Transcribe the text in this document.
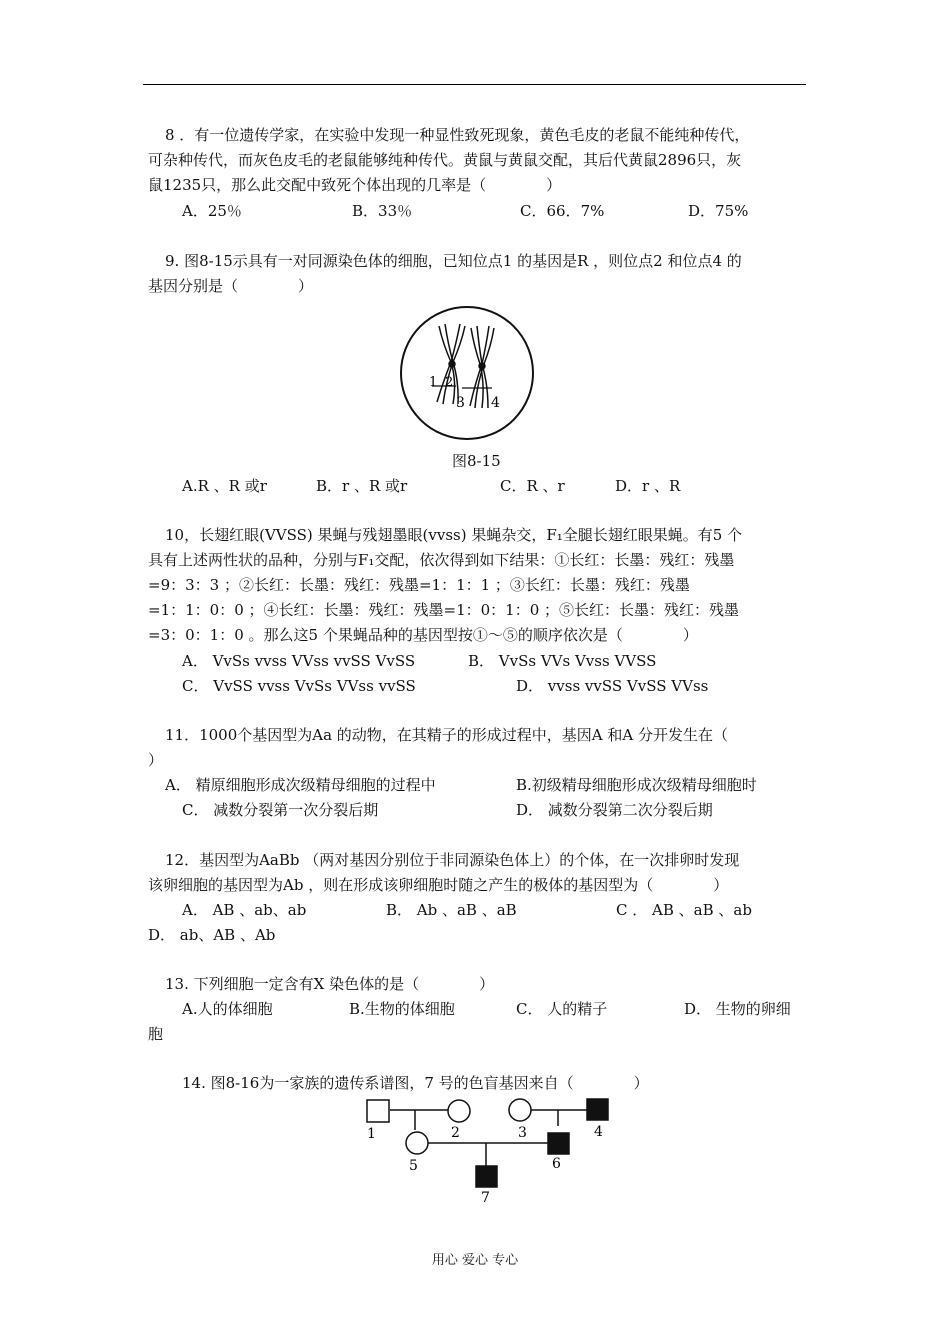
8 ．有一位遗传学家，在实验中发现一种显性致死现象，黄色毛皮的老鼠不能纯种传代，
可杂种传代，而灰色皮毛的老鼠能够纯种传代。黄鼠与黄鼠交配，其后代黄鼠2896只，灰
鼠1235只，那么此交配中致死个体出现的几率是（　　　　）
A．25％	B．33％	C．66．7%	D．75%
9. 图8-15示具有一对同源染色体的细胞，已知位点1 的基因是R ，则位点2 和位点4 的
基因分别是（　　　　）
1 2
3 4
图8-15
A.R 、R 或r	B．r 、R 或r	C．R 、r	D．r 、R
10，长翅红眼(VVSS) 果蝇与残翅墨眼(vvss) 果蝇杂交，F₁全腿长翅红眼果蝇。有5 个
具有上述两性状的品种，分别与F₁交配，依次得到如下结果：①长红：长墨：残红：残墨
=9：3：3 ；②长红：长墨：残红：残墨=1：1：1 ；③长红：长墨：残红：残墨
=1：1：0：0 ；④长红：长墨：残红：残墨=1：0：1：0 ；⑤长红：长墨：残红：残墨
=3：0：1：0 。那么这5 个果蝇品种的基因型按①～⑤的顺序依次是（　　　　）
A． VvSs vvss VVss vvSS VvSS	B． VvSs VVs Vvss VVSS
C． VvSS vvss VvSs VVss vvSS	D． vvss vvSS VvSS VVss
11．1000个基因型为Aa 的动物，在其精子的形成过程中，基因A 和A 分开发生在（
）
A． 精原细胞形成次级精母细胞的过程中	B.初级精母细胞形成次级精母细胞时
C． 减数分裂第一次分裂后期	D． 减数分裂第二次分裂后期
12．基因型为AaBb （两对基因分别位于非同源染色体上）的个体，在一次排卵时发现
该卵细胞的基因型为Ab ，则在形成该卵细胞时随之产生的极体的基因型为（　　　　）
A． AB 、ab、ab	B． Ab 、aB 、aB	C ． AB 、aB 、ab
D． ab、AB 、Ab
13. 下列细胞一定含有X 染色体的是（　　　　）
A.人的体细胞	B.生物的体细胞	C． 人的精子	D． 生物的卵细
胞
14. 图8-16为一家族的遗传系谱图，7 号的色盲基因来自（　　　　）
1	2	3	4
5	6
7
用心 爱心 专心
